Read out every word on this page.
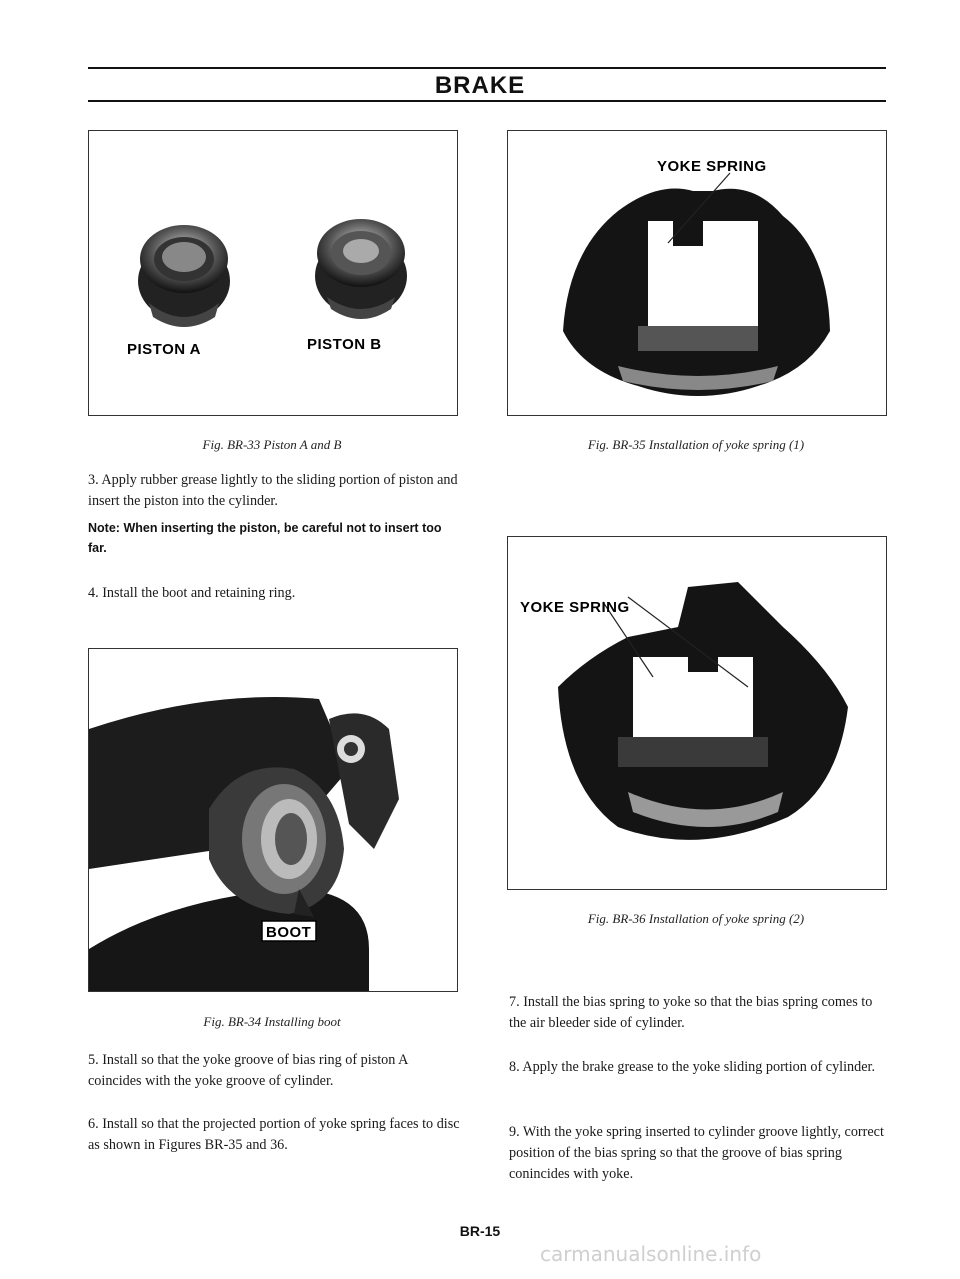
BRAKE
PISTON A	PISTON B
Fig. BR-33 Piston A and B
3. Apply rubber grease lightly to the sliding portion of piston and insert the piston into the cylinder.
Note: When inserting the piston, be careful not to insert too far.
4. Install the boot and retaining ring.
BOOT
Fig. BR-34 Installing boot
5. Install so that the yoke groove of bias ring of piston A coincides with the yoke groove of cylinder.
6. Install so that the projected portion of yoke spring faces to disc as shown in Figures BR-35 and 36.
YOKE SPRING
Fig. BR-35 Installation of yoke spring (1)
YOKE SPRING
Fig. BR-36 Installation of yoke spring (2)
7. Install the bias spring to yoke so that the bias spring comes to the air bleeder side of cylinder.
8. Apply the brake grease to the yoke sliding portion of cylinder.
9. With the yoke spring inserted to cylinder groove lightly, correct position of the bias spring so that the groove of bias spring conincides with yoke.
BR-15
carmanualsonline.info
